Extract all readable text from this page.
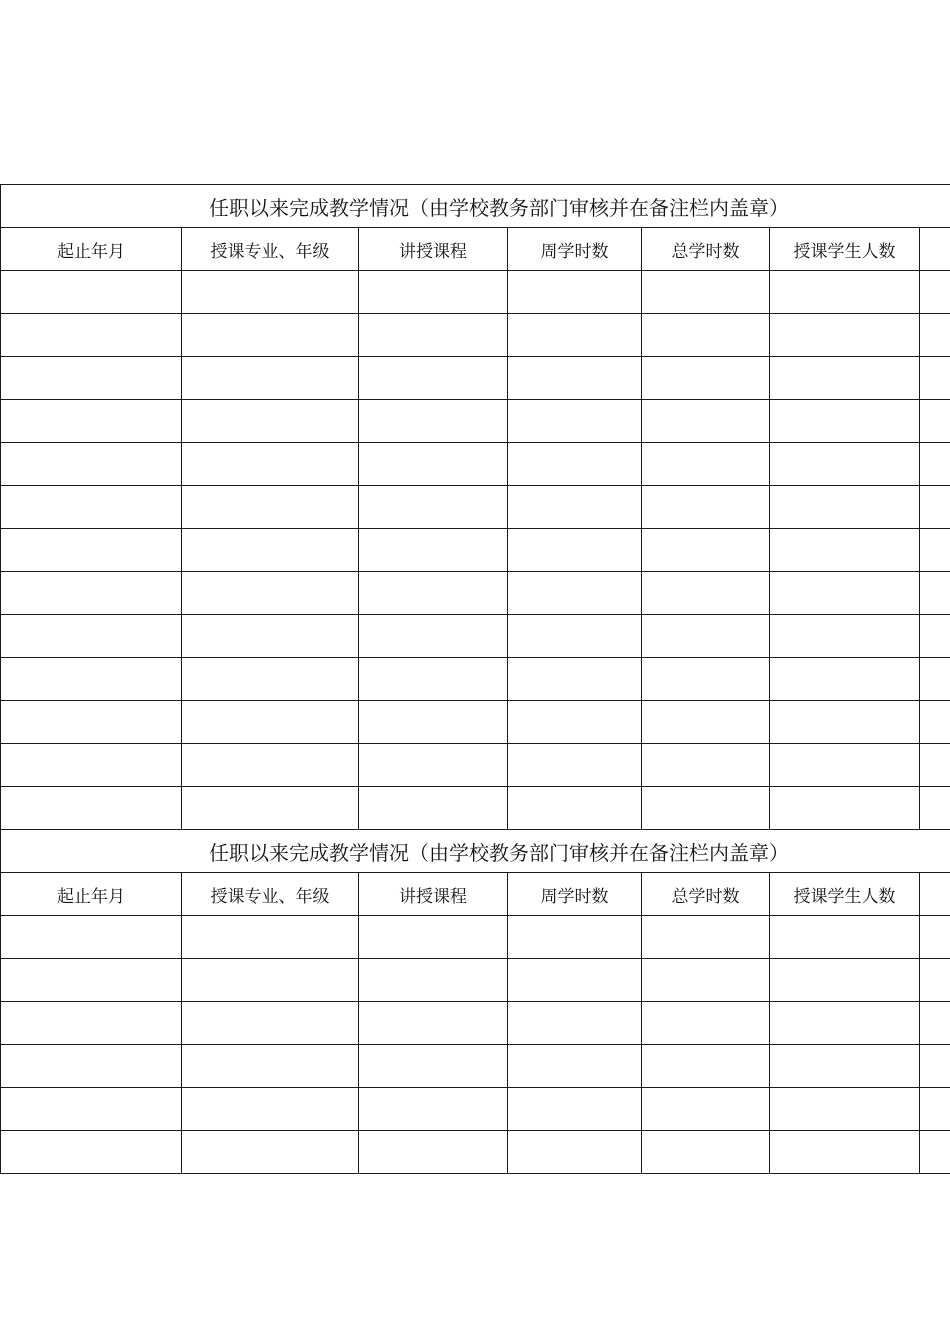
任职以来完成教学情况（由学校教务部门审核并在备注栏内盖章）						
起止年月	授课专业、年级	讲授课程	周学时数	总学时数	授课学生人数	

任职以来完成教学情况（由学校教务部门审核并在备注栏内盖章）						
起止年月	授课专业、年级	讲授课程	周学时数	总学时数	授课学生人数	
